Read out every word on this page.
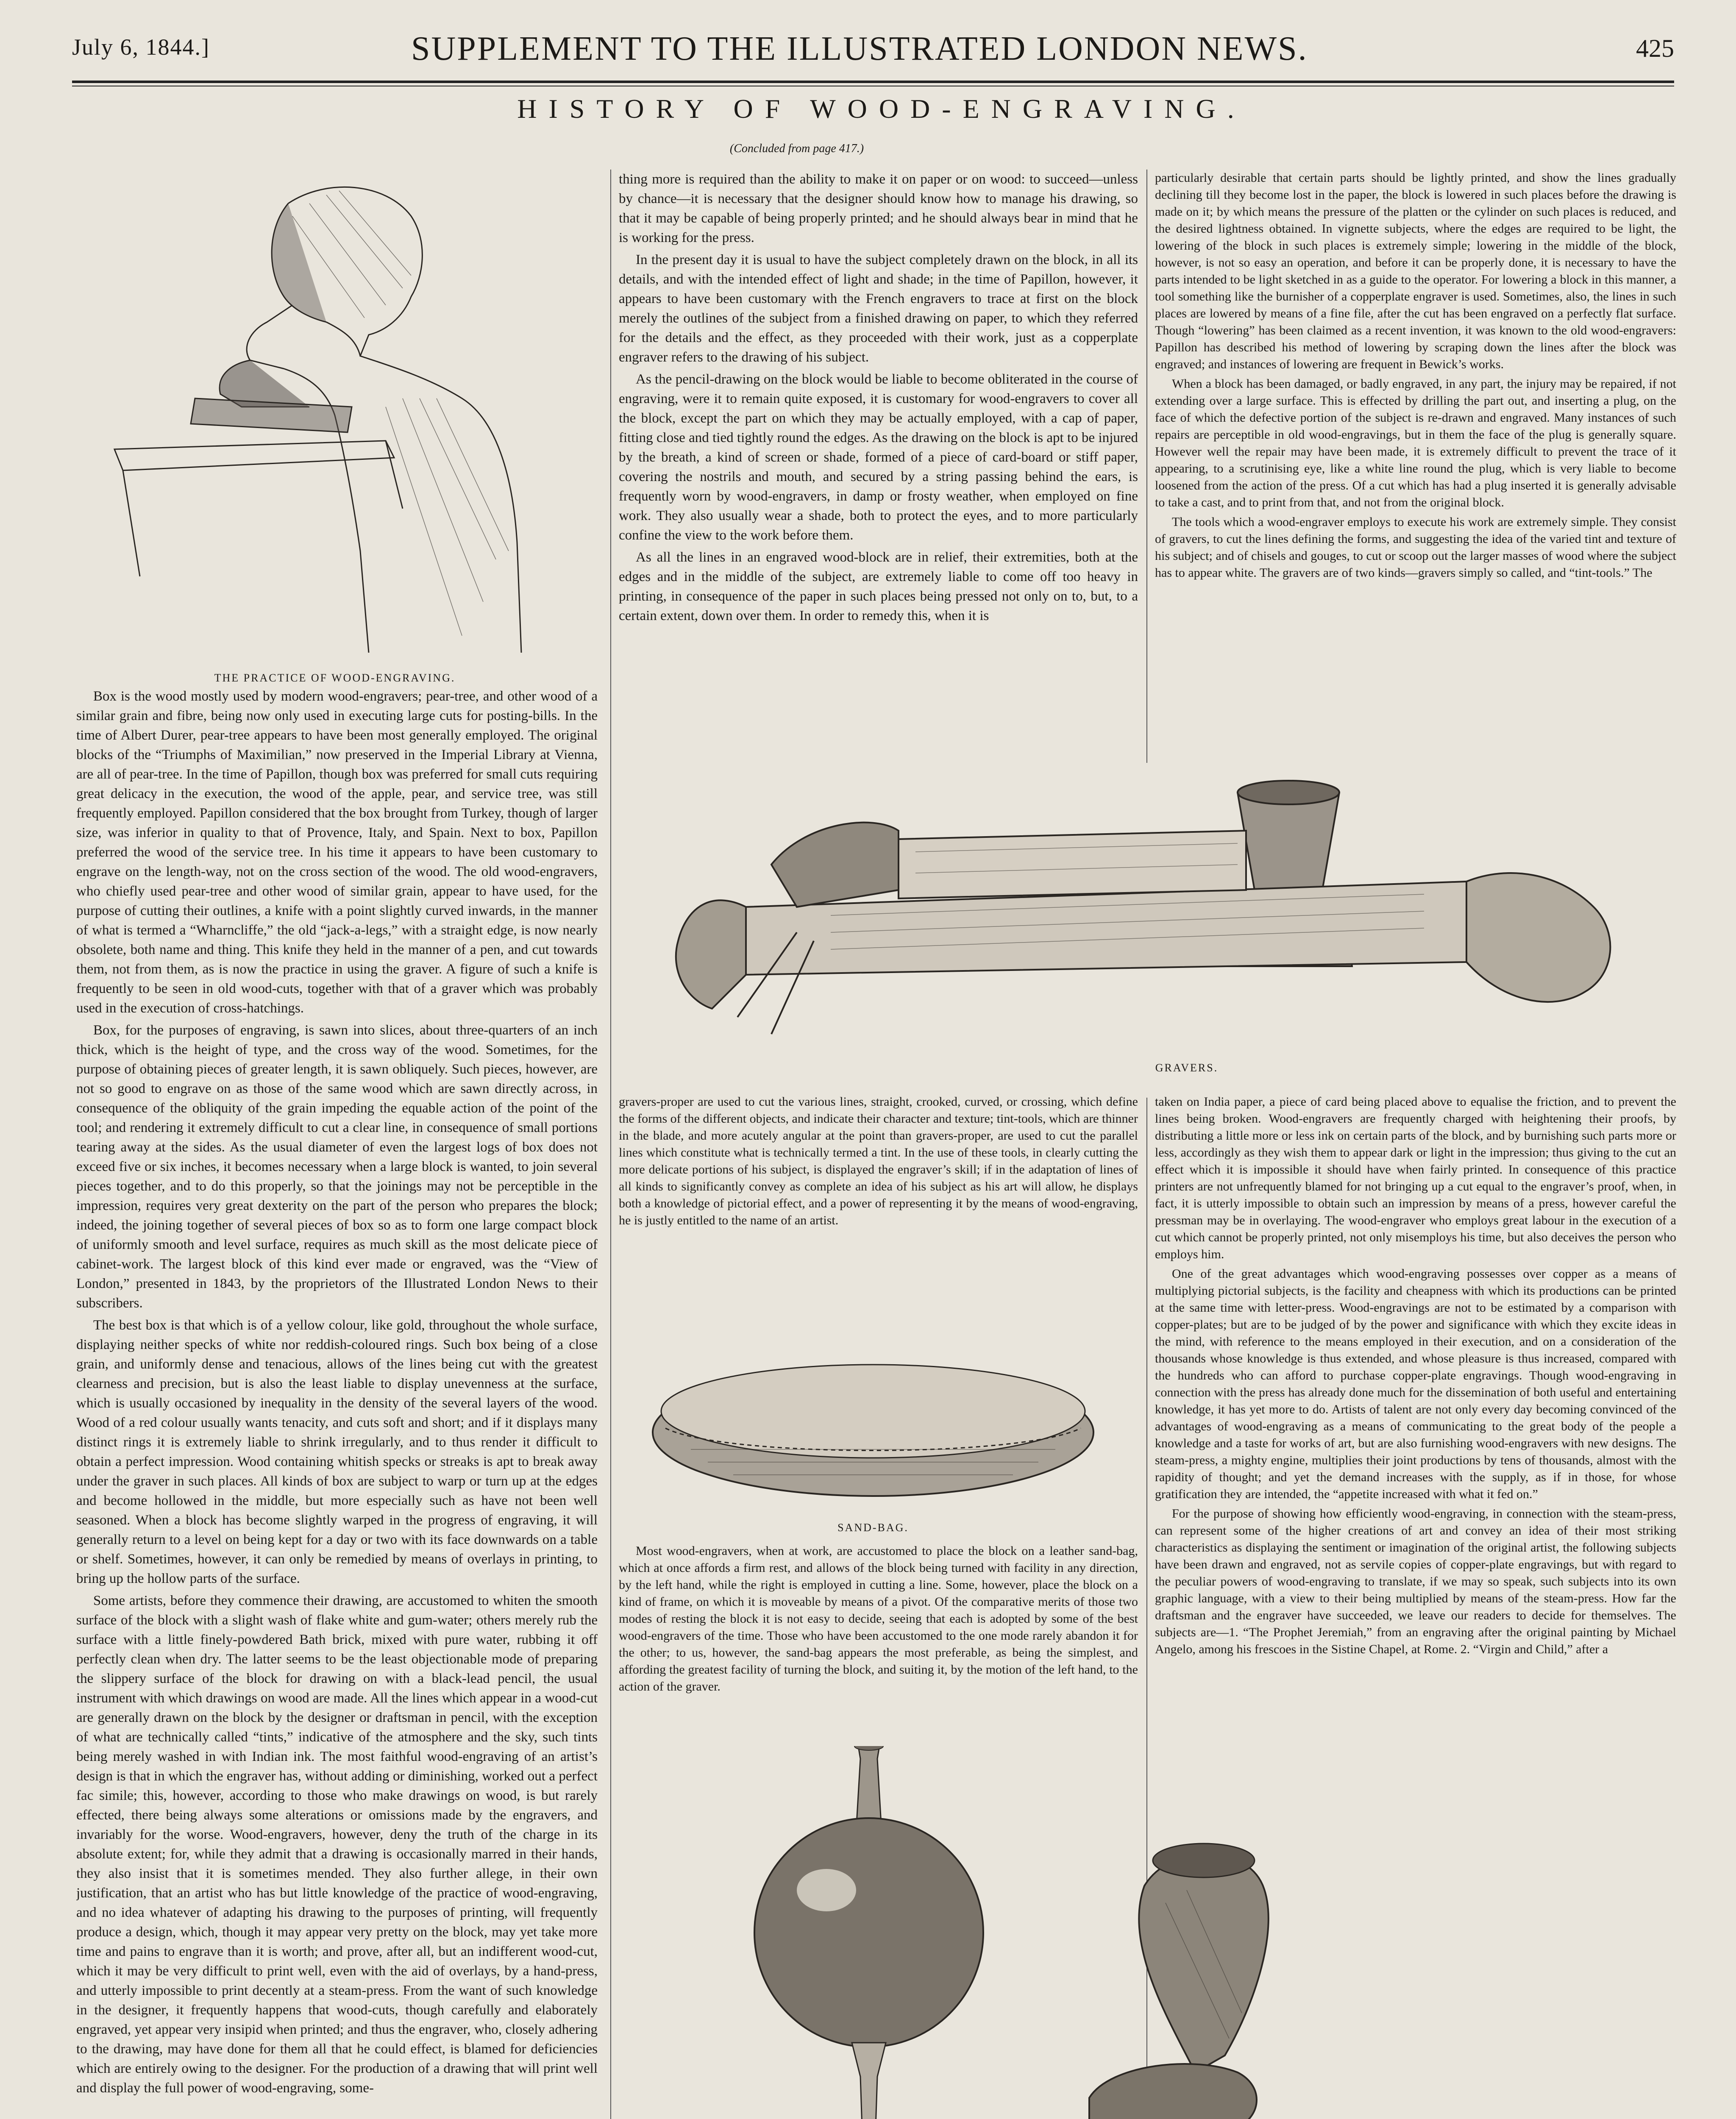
July 6, 1844.]	SUPPLEMENT TO THE ILLUSTRATED LONDON NEWS.	425
HISTORY OF WOOD-ENGRAVING.
(Concluded from page 417.)
THE PRACTICE OF WOOD-ENGRAVING.

Box is the wood mostly used by modern wood-engravers; pear-tree, and other wood of a similar grain and fibre, being now only used in executing large cuts for posting-bills. In the time of Albert Durer, pear-tree appears to have been most generally employed. The original blocks of the “Triumphs of Maximilian,” now preserved in the Imperial Library at Vienna, are all of pear-tree. In the time of Papillon, though box was preferred for small cuts requiring great delicacy in the execution, the wood of the apple, pear, and service tree, was still frequently employed. Papillon considered that the box brought from Turkey, though of larger size, was inferior in quality to that of Provence, Italy, and Spain. Next to box, Papillon preferred the wood of the service tree. In his time it appears to have been customary to engrave on the length-way, not on the cross section of the wood. The old wood-engravers, who chiefly used pear-tree and other wood of similar grain, appear to have used, for the purpose of cutting their outlines, a knife with a point slightly curved inwards, in the manner of what is termed a “Wharncliffe,” the old “jack-a-legs,” with a straight edge, is now nearly obsolete, both name and thing. This knife they held in the manner of a pen, and cut towards them, not from them, as is now the practice in using the graver. A figure of such a knife is frequently to be seen in old wood-cuts, together with that of a graver which was probably used in the execution of cross-hatchings.

Box, for the purposes of engraving, is sawn into slices, about three-quarters of an inch thick, which is the height of type, and the cross way of the wood. Sometimes, for the purpose of obtaining pieces of greater length, it is sawn obliquely. Such pieces, however, are not so good to engrave on as those of the same wood which are sawn directly across, in consequence of the obliquity of the grain impeding the equable action of the point of the tool; and rendering it extremely difficult to cut a clear line, in consequence of small portions tearing away at the sides. As the usual diameter of even the largest logs of box does not exceed five or six inches, it becomes necessary when a large block is wanted, to join several pieces together, and to do this properly, so that the joinings may not be perceptible in the impression, requires very great dexterity on the part of the person who prepares the block; indeed, the joining together of several pieces of box so as to form one large compact block of uniformly smooth and level surface, requires as much skill as the most delicate piece of cabinet-work. The largest block of this kind ever made or engraved, was the “View of London,” presented in 1843, by the proprietors of the Illustrated London News to their subscribers.

The best box is that which is of a yellow colour, like gold, throughout the whole surface, displaying neither specks of white nor reddish-coloured rings. Such box being of a close grain, and uniformly dense and tenacious, allows of the lines being cut with the greatest clearness and precision, but is also the least liable to display unevenness at the surface, which is usually occasioned by inequality in the density of the several layers of the wood. Wood of a red colour usually wants tenacity, and cuts soft and short; and if it displays many distinct rings it is extremely liable to shrink irregularly, and to thus render it difficult to obtain a perfect impression. Wood containing whitish specks or streaks is apt to break away under the graver in such places. All kinds of box are subject to warp or turn up at the edges and become hollowed in the middle, but more especially such as have not been well seasoned. When a block has become slightly warped in the progress of engraving, it will generally return to a level on being kept for a day or two with its face downwards on a table or shelf. Sometimes, however, it can only be remedied by means of overlays in printing, to bring up the hollow parts of the surface.

Some artists, before they commence their drawing, are accustomed to whiten the smooth surface of the block with a slight wash of flake white and gum-water; others merely rub the surface with a little finely-powdered Bath brick, mixed with pure water, rubbing it off perfectly clean when dry. The latter seems to be the least objectionable mode of preparing the slippery surface of the block for drawing on with a black-lead pencil, the usual instrument with which drawings on wood are made. All the lines which appear in a wood-cut are generally drawn on the block by the designer or draftsman in pencil, with the exception of what are technically called “tints,” indicative of the atmosphere and the sky, such tints being merely washed in with Indian ink. The most faithful wood-engraving of an artist’s design is that in which the engraver has, without adding or diminishing, worked out a perfect fac simile; this, however, according to those who make drawings on wood, is but rarely effected, there being always some alterations or omissions made by the engravers, and invariably for the worse. Wood-engravers, however, deny the truth of the charge in its absolute extent; for, while they admit that a drawing is occasionally marred in their hands, they also insist that it is sometimes mended. They also further allege, in their own justification, that an artist who has but little knowledge of the practice of wood-engraving, and no idea whatever of adapting his drawing to the purposes of printing, will frequently produce a design, which, though it may appear very pretty on the block, may yet take more time and pains to engrave than it is worth; and prove, after all, but an indifferent wood-cut, which it may be very difficult to print well, even with the aid of overlays, by a hand-press, and utterly impossible to print decently at a steam-press. From the want of such knowledge in the designer, it frequently happens that wood-cuts, though carefully and elaborately engraved, yet appear very insipid when printed; and thus the engraver, who, closely adhering to the drawing, may have done for them all that he could effect, is blamed for deficiencies which are entirely owing to the designer. For the production of a drawing that will print well and display the full power of wood-engraving, some-

thing more is required than the ability to make it on paper or on wood: to succeed—unless by chance—it is necessary that the designer should know how to manage his drawing, so that it may be capable of being properly printed; and he should always bear in mind that he is working for the press.

In the present day it is usual to have the subject completely drawn on the block, in all its details, and with the intended effect of light and shade; in the time of Papillon, however, it appears to have been customary with the French engravers to trace at first on the block merely the outlines of the subject from a finished drawing on paper, to which they referred for the details and the effect, as they proceeded with their work, just as a copperplate engraver refers to the drawing of his subject.

As the pencil-drawing on the block would be liable to become obliterated in the course of engraving, were it to remain quite exposed, it is customary for wood-engravers to cover all the block, except the part on which they may be actually employed, with a cap of paper, fitting close and tied tightly round the edges. As the drawing on the block is apt to be injured by the breath, a kind of screen or shade, formed of a piece of card-board or stiff paper, covering the nostrils and mouth, and secured by a string passing behind the ears, is frequently worn by wood-engravers, in damp or frosty weather, when employed on fine work. They also usually wear a shade, both to protect the eyes, and to more particularly confine the view to the work before them.

As all the lines in an engraved wood-block are in relief, their extremities, both at the edges and in the middle of the subject, are extremely liable to come off too heavy in printing, in consequence of the paper in such places being pressed not only on to, but, to a certain extent, down over them. In order to remedy this, when it is

particularly desirable that certain parts should be lightly printed, and show the lines gradually declining till they become lost in the paper, the block is lowered in such places before the drawing is made on it; by which means the pressure of the platten or the cylinder on such places is reduced, and the desired lightness obtained. In vignette subjects, where the edges are required to be light, the lowering of the block in such places is extremely simple; lowering in the middle of the block, however, is not so easy an operation, and before it can be properly done, it is necessary to have the parts intended to be light sketched in as a guide to the operator. For lowering a block in this manner, a tool something like the burnisher of a copperplate engraver is used. Sometimes, also, the lines in such places are lowered by means of a fine file, after the cut has been engraved on a perfectly flat surface. Though “lowering” has been claimed as a recent invention, it was known to the old wood-engravers: Papillon has described his method of lowering by scraping down the lines after the block was engraved; and instances of lowering are frequent in Bewick’s works.

When a block has been damaged, or badly engraved, in any part, the injury may be repaired, if not extending over a large surface. This is effected by drilling the part out, and inserting a plug, on the face of which the defective portion of the subject is re-drawn and engraved. Many instances of such repairs are perceptible in old wood-engravings, but in them the face of the plug is generally square. However well the repair may have been made, it is extremely difficult to prevent the trace of it appearing, to a scrutinising eye, like a white line round the plug, which is very liable to become loosened from the action of the press. Of a cut which has had a plug inserted it is generally advisable to take a cast, and to print from that, and not from the original block.

The tools which a wood-engraver employs to execute his work are extremely simple. They consist of gravers, to cut the lines defining the forms, and suggesting the idea of the varied tint and texture of his subject; and of chisels and gouges, to cut or scoop out the larger masses of wood where the subject has to appear white. The gravers are of two kinds—gravers simply so called, and “tint-tools.” The

GRAVERS.

gravers-proper are used to cut the various lines, straight, crooked, curved, or crossing, which define the forms of the different objects, and indicate their character and texture; tint-tools, which are thinner in the blade, and more acutely angular at the point than gravers-proper, are used to cut the parallel lines which constitute what is technically termed a tint. In the use of these tools, in clearly cutting the more delicate portions of his subject, is displayed the engraver’s skill; if in the adaptation of lines of all kinds to significantly convey as complete an idea of his subject as his art will allow, he displays both a knowledge of pictorial effect, and a power of representing it by the means of wood-engraving, he is justly entitled to the name of an artist.

SAND-BAG.

Most wood-engravers, when at work, are accustomed to place the block on a leather sand-bag, which at once affords a firm rest, and allows of the block being turned with facility in any direction, by the left hand, while the right is employed in cutting a line. Some, however, place the block on a kind of frame, on which it is moveable by means of a pivot. Of the comparative merits of those two modes of resting the block it is not easy to decide, seeing that each is adopted by some of the best wood-engravers of the time. Those who have been accustomed to the one mode rarely abandon it for the other; to us, however, the sand-bag appears the most preferable, as being the simplest, and affording the greatest facility of turning the block, and suiting it, by the motion of the left hand, to the action of the graver.

taken on India paper, a piece of card being placed above to equalise the friction, and to prevent the lines being broken. Wood-engravers are frequently charged with heightening their proofs, by distributing a little more or less ink on certain parts of the block, and by burnishing such parts more or less, accordingly as they wish them to appear dark or light in the impression; thus giving to the cut an effect which it is impossible it should have when fairly printed. In consequence of this practice printers are not unfrequently blamed for not bringing up a cut equal to the engraver’s proof, when, in fact, it is utterly impossible to obtain such an impression by means of a press, however careful the pressman may be in overlaying. The wood-engraver who employs great labour in the execution of a cut which cannot be properly printed, not only misemploys his time, but also deceives the person who employs him.

One of the great advantages which wood-engraving possesses over copper as a means of multiplying pictorial subjects, is the facility and cheapness with which its productions can be printed at the same time with letter-press. Wood-engravings are not to be estimated by a comparison with copper-plates; but are to be judged of by the power and significance with which they excite ideas in the mind, with reference to the means employed in their execution, and on a consideration of the thousands whose knowledge is thus extended, and whose pleasure is thus increased, compared with the hundreds who can afford to purchase copper-plate engravings. Though wood-engraving in connection with the press has already done much for the dissemination of both useful and entertaining knowledge, it has yet more to do. Artists of talent are not only every day becoming convinced of the advantages of wood-engraving as a means of communicating to the great body of the people a knowledge and a taste for works of art, but are also furnishing wood-engravers with new designs. The steam-press, a mighty engine, multiplies their joint productions by tens of thousands, almost with the rapidity of thought; and yet the demand increases with the supply, as if in those, for whose gratification they are intended, the “appetite increased with what it fed on.”

For the purpose of showing how efficiently wood-engraving, in connection with the steam-press, can represent some of the higher creations of art and convey an idea of their most striking characteristics as displaying the sentiment or imagination of the original artist, the following subjects have been drawn and engraved, not as servile copies of copper-plate engravings, but with regard to the peculiar powers of wood-engraving to translate, if we may so speak, such subjects into its own graphic language, with a view to their being multiplied by means of the steam-press. How far the draftsman and the engraver have succeeded, we leave our readers to decide for themselves. The subjects are—1. “The Prophet Jeremiah,” from an engraving after the original painting by Michael Angelo, among his frescoes in the Sistine Chapel, at Rome. 2. “Virgin and Child,” after a
